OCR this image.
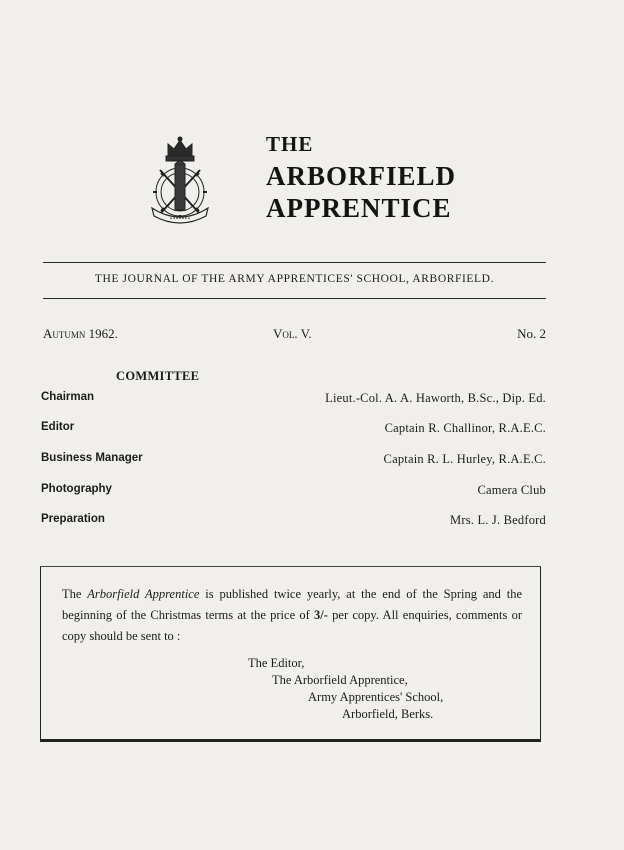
•••••••
THE
ARBORFIELD
APPRENTICE
THE JOURNAL OF THE ARMY APPRENTICES' SCHOOL, ARBORFIELD.
Autumn 1962.	Vol. V.	No. 2
COMMITTEE
Chairman	Lieut.-Col. A. A. Haworth, B.Sc., Dip. Ed.
Editor	Captain R. Challinor, R.A.E.C.
Business Manager	Captain R. L. Hurley, R.A.E.C.
Photography	Camera Club
Preparation	Mrs. L. J. Bedford
The Arborfield Apprentice is published twice yearly, at the end of the Spring and the beginning of the Christmas terms at the price of 3/- per copy. All enquiries, comments or copy should be sent to :
The Editor,
The Arborfield Apprentice,
Army Apprentices' School,
Arborfield, Berks.
